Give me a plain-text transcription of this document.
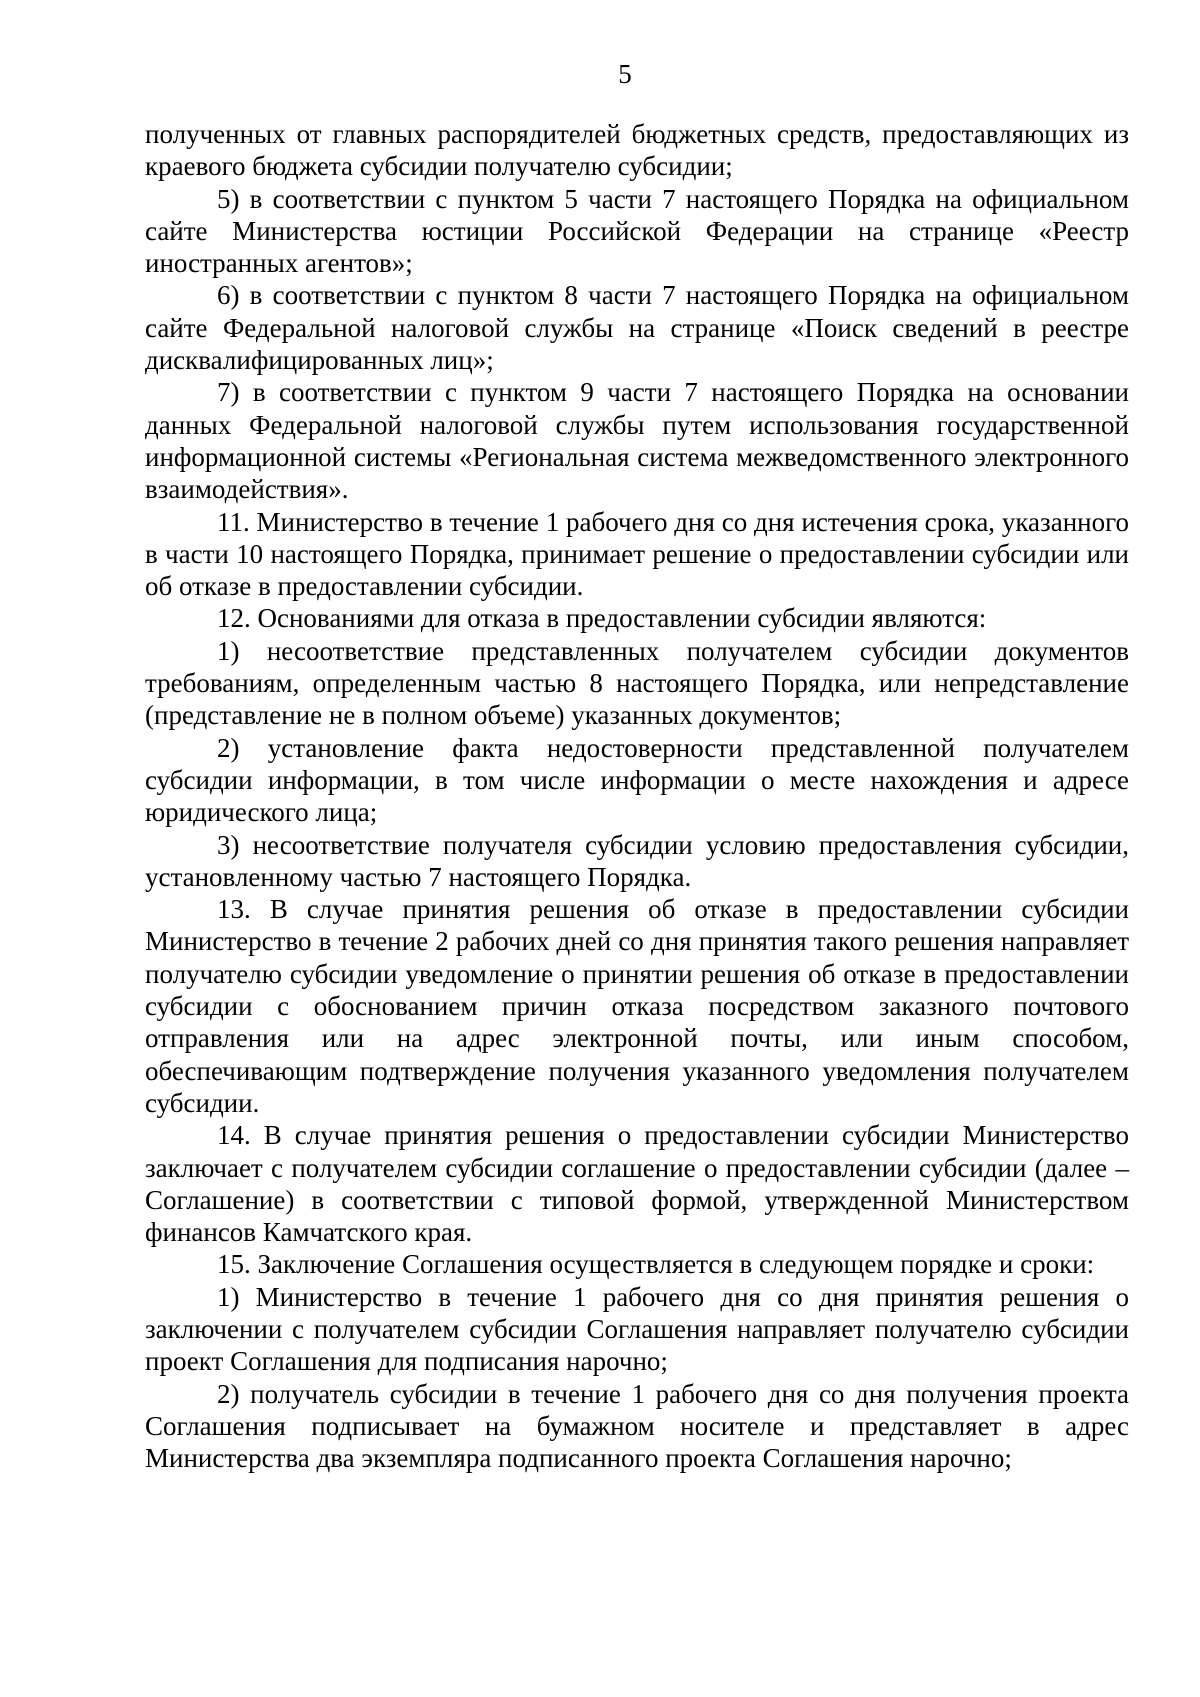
5

полученных от главных распорядителей бюджетных средств, предоставляющих из краевого бюджета субсидии получателю субсидии;

5) в соответствии с пунктом 5 части 7 настоящего Порядка на официальном сайте Министерства юстиции Российской Федерации на странице «Реестр иностранных агентов»;

6) в соответствии с пунктом 8 части 7 настоящего Порядка на официальном сайте Федеральной налоговой службы на странице «Поиск сведений в реестре дисквалифицированных лиц»;

7) в соответствии с пунктом 9 части 7 настоящего Порядка на основании данных Федеральной налоговой службы путем использования государственной информационной системы «Региональная система межведомственного электронного взаимодействия».

11. Министерство в течение 1 рабочего дня со дня истечения срока, указанного в части 10 настоящего Порядка, принимает решение о предоставлении субсидии или об отказе в предоставлении субсидии.

12. Основаниями для отказа в предоставлении субсидии являются:

1) несоответствие представленных получателем субсидии документов требованиям, определенным частью 8 настоящего Порядка, или непредставление (представление не в полном объеме) указанных документов;

2) установление факта недостоверности представленной получателем субсидии информации, в том числе информации о месте нахождения и адресе юридического лица;

3) несоответствие получателя субсидии условию предоставления субсидии, установленному частью 7 настоящего Порядка.

13. В случае принятия решения об отказе в предоставлении субсидии Министерство в течение 2 рабочих дней со дня принятия такого решения направляет получателю субсидии уведомление о принятии решения об отказе в предоставлении субсидии с обоснованием причин отказа посредством заказного почтового отправления или на адрес электронной почты, или иным способом, обеспечивающим подтверждение получения указанного уведомления получателем субсидии.

14. В случае принятия решения о предоставлении субсидии Министерство заключает с получателем субсидии соглашение о предоставлении субсидии (далее – Соглашение) в соответствии с типовой формой, утвержденной Министерством финансов Камчатского края.

15. Заключение Соглашения осуществляется в следующем порядке и сроки:

1) Министерство в течение 1 рабочего дня со дня принятия решения о заключении с получателем субсидии Соглашения направляет получателю субсидии проект Соглашения для подписания нарочно;

2) получатель субсидии в течение 1 рабочего дня со дня получения проекта Соглашения подписывает на бумажном носителе и представляет в адрес Министерства два экземпляра подписанного проекта Соглашения нарочно;
